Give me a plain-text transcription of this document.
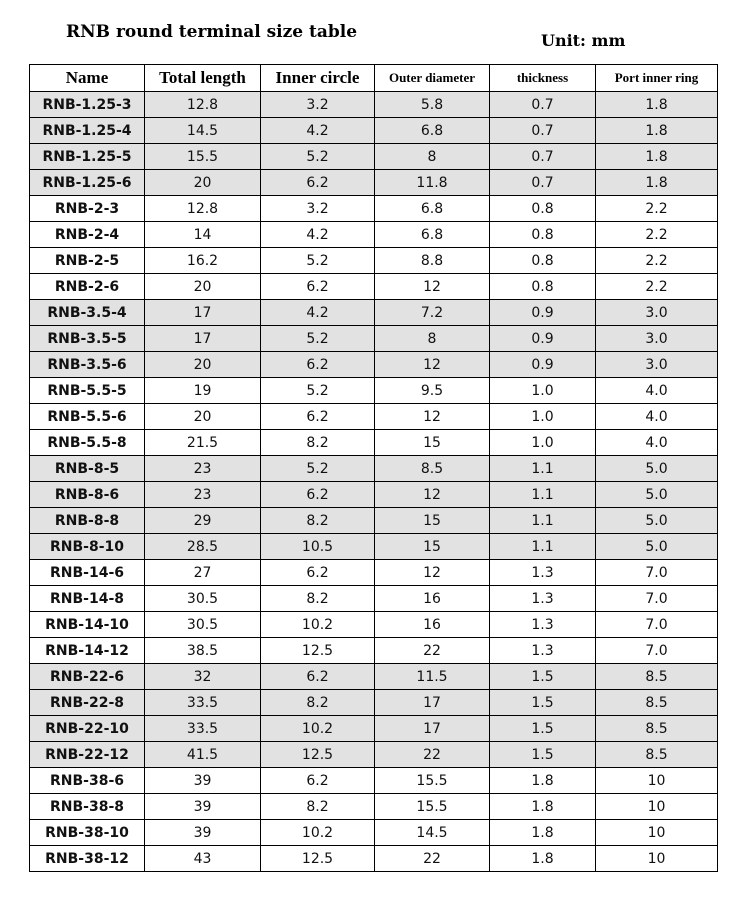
RNB round terminal size table	Unit: mm
Name	Total length	Inner circle	Outer diameter	thickness	Port inner ring
RNB-1.25-3	12.8	3.2	5.8	0.7	1.8
RNB-1.25-4	14.5	4.2	6.8	0.7	1.8
RNB-1.25-5	15.5	5.2	8	0.7	1.8
RNB-1.25-6	20	6.2	11.8	0.7	1.8
RNB-2-3	12.8	3.2	6.8	0.8	2.2
RNB-2-4	14	4.2	6.8	0.8	2.2
RNB-2-5	16.2	5.2	8.8	0.8	2.2
RNB-2-6	20	6.2	12	0.8	2.2
RNB-3.5-4	17	4.2	7.2	0.9	3.0
RNB-3.5-5	17	5.2	8	0.9	3.0
RNB-3.5-6	20	6.2	12	0.9	3.0
RNB-5.5-5	19	5.2	9.5	1.0	4.0
RNB-5.5-6	20	6.2	12	1.0	4.0
RNB-5.5-8	21.5	8.2	15	1.0	4.0
RNB-8-5	23	5.2	8.5	1.1	5.0
RNB-8-6	23	6.2	12	1.1	5.0
RNB-8-8	29	8.2	15	1.1	5.0
RNB-8-10	28.5	10.5	15	1.1	5.0
RNB-14-6	27	6.2	12	1.3	7.0
RNB-14-8	30.5	8.2	16	1.3	7.0
RNB-14-10	30.5	10.2	16	1.3	7.0
RNB-14-12	38.5	12.5	22	1.3	7.0
RNB-22-6	32	6.2	11.5	1.5	8.5
RNB-22-8	33.5	8.2	17	1.5	8.5
RNB-22-10	33.5	10.2	17	1.5	8.5
RNB-22-12	41.5	12.5	22	1.5	8.5
RNB-38-6	39	6.2	15.5	1.8	10
RNB-38-8	39	8.2	15.5	1.8	10
RNB-38-10	39	10.2	14.5	1.8	10
RNB-38-12	43	12.5	22	1.8	10
